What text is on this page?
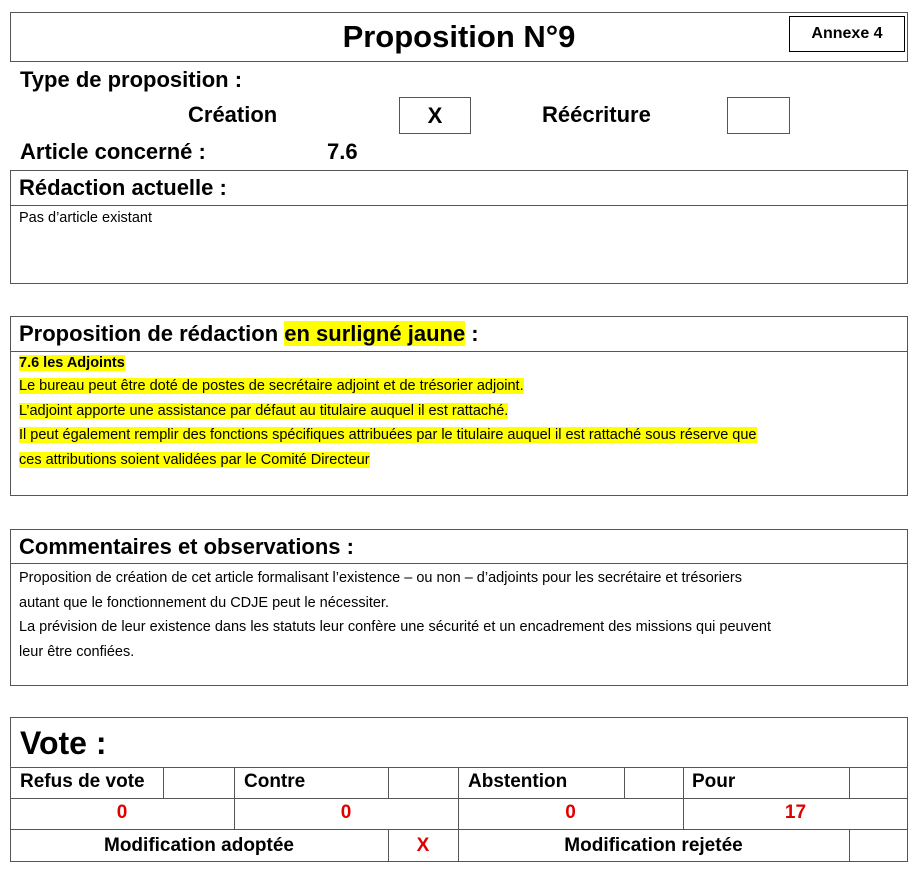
Proposition N°9	Annexe 4
Type de proposition :
Création	X	Réécriture
Article concerné :	7.6
Rédaction actuelle :
Pas d’article existant
Proposition de rédaction en surligné jaune :
7.6 les Adjoints
Le bureau peut être doté de postes de secrétaire adjoint et de trésorier adjoint.
L’adjoint apporte une assistance par défaut au titulaire auquel il est rattaché.
Il peut également remplir des fonctions spécifiques attribuées par le titulaire auquel il est rattaché sous réserve que
ces attributions soient validées par le Comité Directeur
Commentaires et observations :
Proposition de création de cet article formalisant l’existence – ou non – d’adjoints pour les secrétaire et trésoriers
autant que le fonctionnement du CDJE peut le nécessiter.
La prévision de leur existence dans les statuts leur confère une sécurité et un encadrement des missions qui peuvent
leur être confiées.
Vote :
Refus de vote	Contre	Abstention	Pour
0	0	0	17
Modification adoptée	X	Modification rejetée
